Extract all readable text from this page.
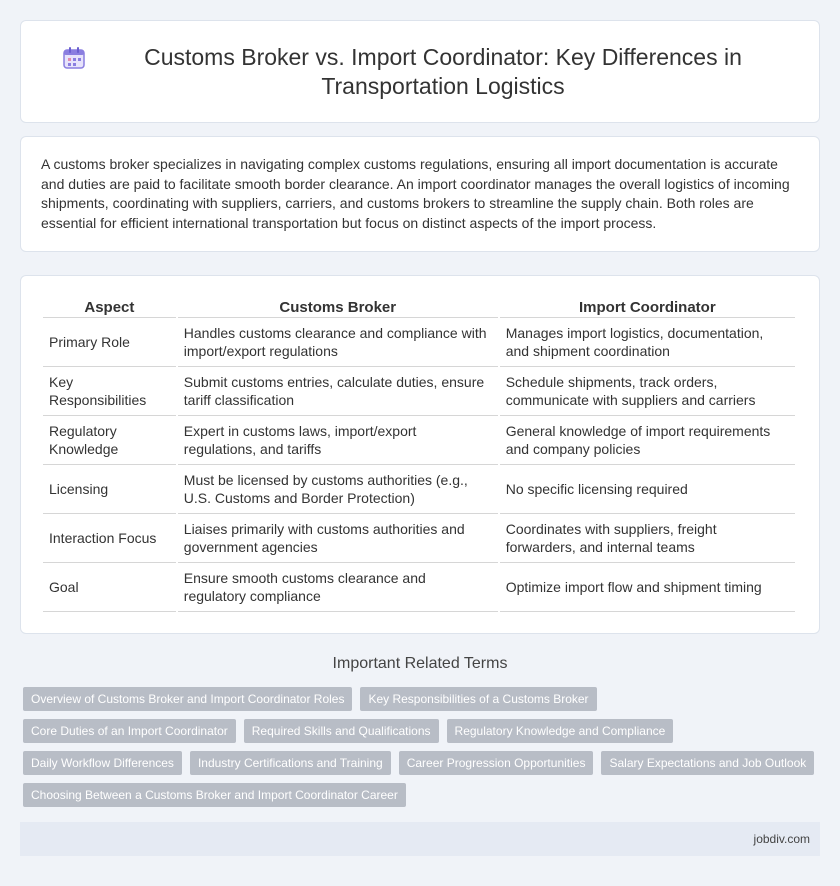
Customs Broker vs. Import Coordinator: Key Differences in Transportation Logistics

A customs broker specializes in navigating complex customs regulations, ensuring all import documentation is accurate and duties are paid to facilitate smooth border clearance. An import coordinator manages the overall logistics of incoming shipments, coordinating with suppliers, carriers, and customs brokers to streamline the supply chain. Both roles are essential for efficient international transportation but focus on distinct aspects of the import process.

Aspect	Customs Broker	Import Coordinator
Primary Role	Handles customs clearance and compliance with import/export regulations	Manages import logistics, documentation, and shipment coordination
Key Responsibilities	Submit customs entries, calculate duties, ensure tariff classification	Schedule shipments, track orders, communicate with suppliers and carriers
Regulatory Knowledge	Expert in customs laws, import/export regulations, and tariffs	General knowledge of import requirements and company policies
Licensing	Must be licensed by customs authorities (e.g., U.S. Customs and Border Protection)	No specific licensing required
Interaction Focus	Liaises primarily with customs authorities and government agencies	Coordinates with suppliers, freight forwarders, and internal teams
Goal	Ensure smooth customs clearance and regulatory compliance	Optimize import flow and shipment timing
Important Related Terms
Overview of Customs Broker and Import Coordinator Roles	Key Responsibilities of a Customs Broker
Core Duties of an Import Coordinator	Required Skills and Qualifications	Regulatory Knowledge and Compliance
Daily Workflow Differences	Industry Certifications and Training	Career Progression Opportunities	Salary Expectations and Job Outlook
Choosing Between a Customs Broker and Import Coordinator Career
jobdiv.com
